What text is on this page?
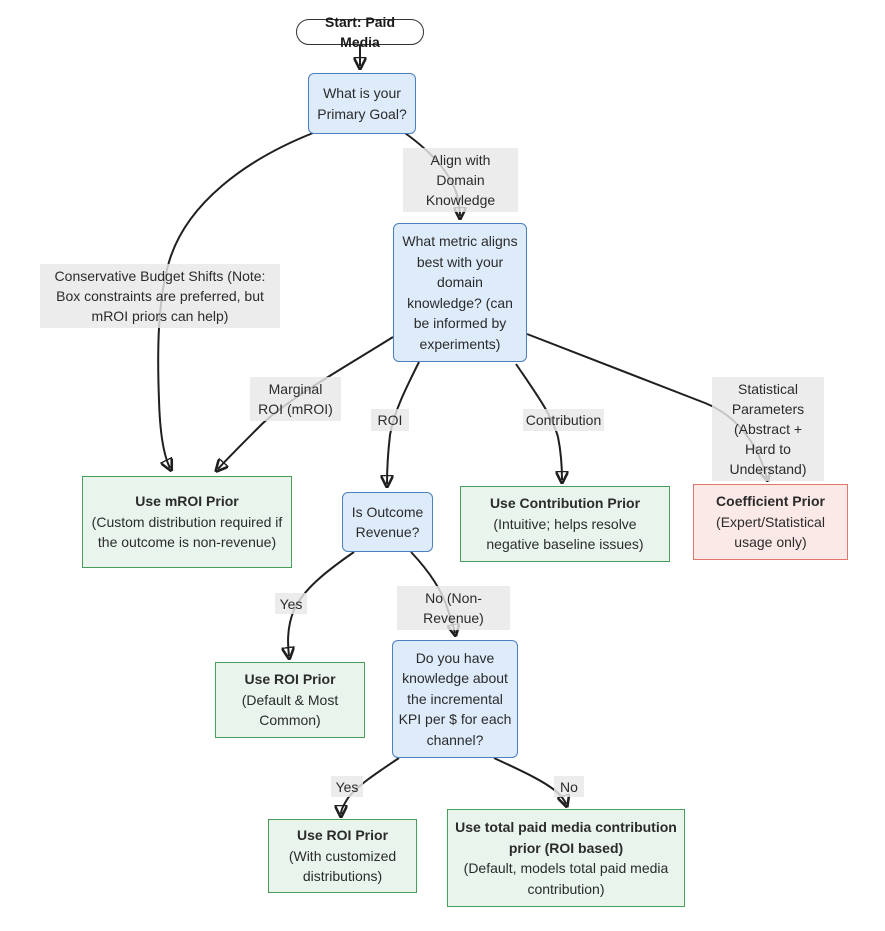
Align with Domain Knowledge
Conservative Budget Shifts (Note: Box constraints are preferred, but mROI priors can help)
Marginal ROI (mROI)
ROI	Contribution
Statistical Parameters (Abstract + Hard to Understand)
Yes	No (Non-Revenue)
Yes	No
Start: Paid Media
What is your Primary Goal?
What metric aligns best with your domain knowledge? (can be informed by experiments)
Use mROI Prior
(Custom distribution required if the outcome is non-revenue)
Is Outcome Revenue?
Use Contribution Prior
(Intuitive; helps resolve negative baseline issues)
Coefficient Prior
(Expert/Statistical usage only)
Use ROI Prior
(Default & Most Common)
Do you have knowledge about the incremental KPI per $ for each channel?
Use ROI Prior
(With customized distributions)
Use total paid media contribution prior (ROI based)
(Default, models total paid media contribution)
